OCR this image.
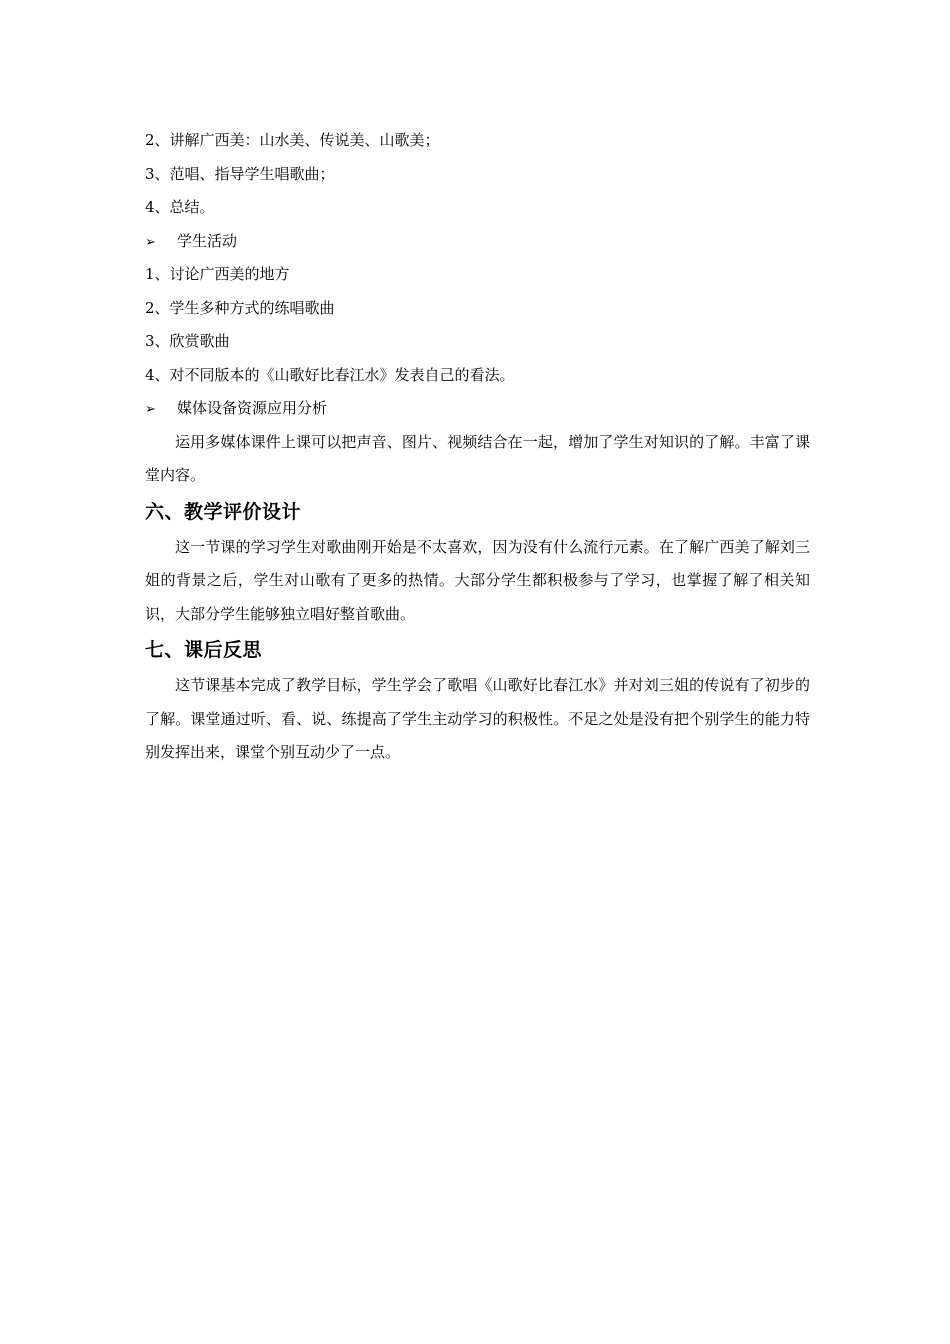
2、讲解广西美：山水美、传说美、山歌美；
3、范唱、指导学生唱歌曲；
4、总结。
➢ 学生活动
1、讨论广西美的地方
2、学生多种方式的练唱歌曲
3、欣赏歌曲
4、对不同版本的《山歌好比春江水》发表自己的看法。
➢ 媒体设备资源应用分析

运用多媒体课件上课可以把声音、图片、视频结合在一起，增加了学生对知识的了解。丰富了课堂内容。

六、教学评价设计

这一节课的学习学生对歌曲刚开始是不太喜欢，因为没有什么流行元素。在了解广西美了解刘三姐的背景之后，学生对山歌有了更多的热情。大部分学生都积极参与了学习，也掌握了解了相关知识，大部分学生能够独立唱好整首歌曲。

七、课后反思

这节课基本完成了教学目标，学生学会了歌唱《山歌好比春江水》并对刘三姐的传说有了初步的了解。课堂通过听、看、说、练提高了学生主动学习的积极性。不足之处是没有把个别学生的能力特别发挥出来，课堂个别互动少了一点。
